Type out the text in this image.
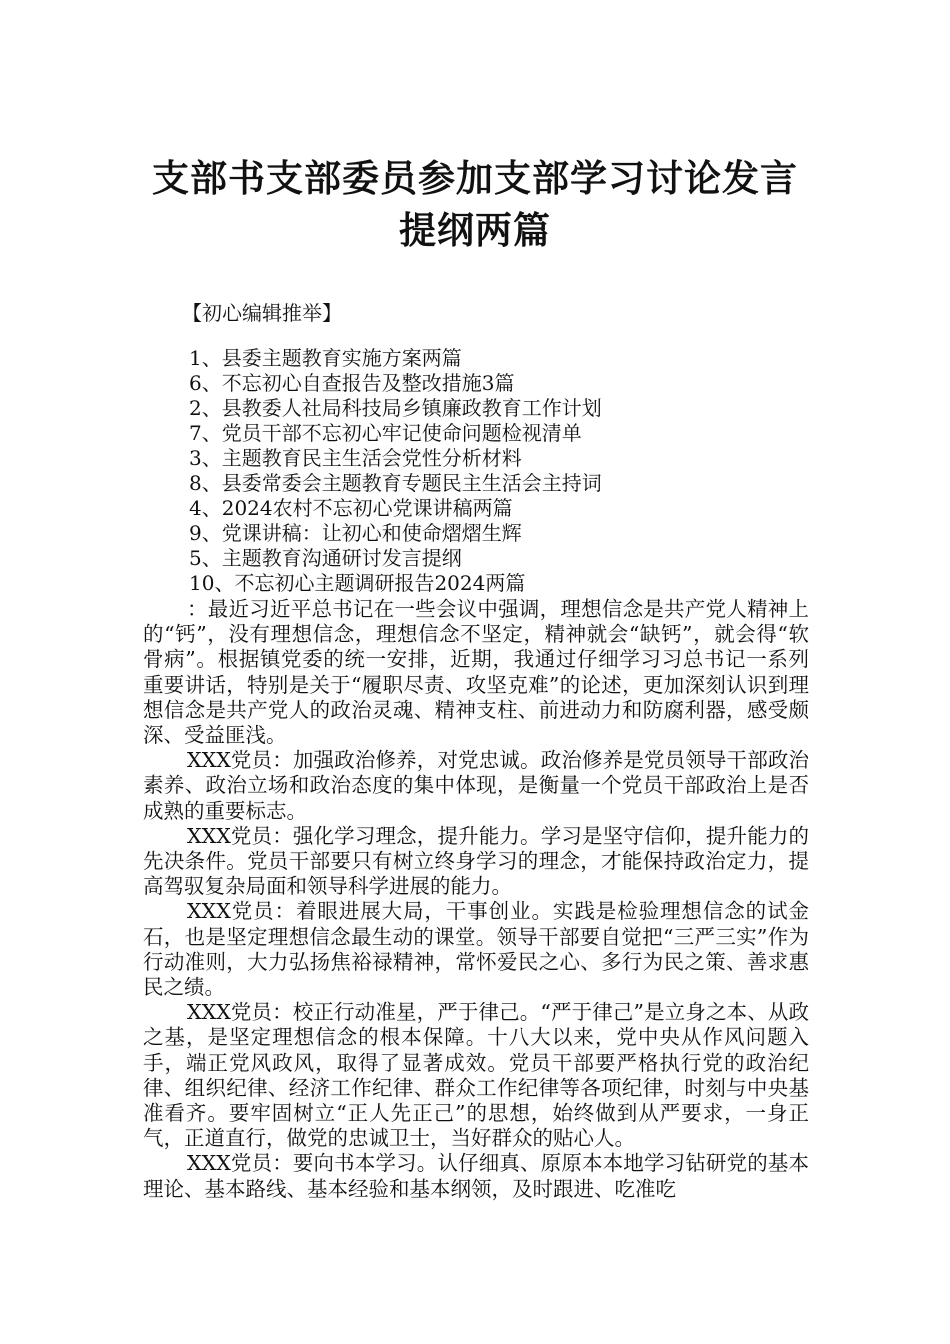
支部书支部委员参加支部学习讨论发言
提纲两篇
【初心编辑推举】
1、县委主题教育实施方案两篇
6、不忘初心自查报告及整改措施3篇
2、县教委人社局科技局乡镇廉政教育工作计划
7、党员干部不忘初心牢记使命问题检视清单
3、主题教育民主生活会党性分析材料
8、县委常委会主题教育专题民主生活会主持词
4、2024农村不忘初心党课讲稿两篇
9、党课讲稿：让初心和使命熠熠生辉
5、主题教育沟通研讨发言提纲
10、不忘初心主题调研报告2024两篇

：最近习近平总书记在一些会议中强调，理想信念是共产党人精神上的“钙”，没有理想信念，理想信念不坚定，精神就会“缺钙”，就会得“软骨病”。根据镇党委的统一安排，近期，我通过仔细学习习总书记一系列重要讲话，特别是关于“履职尽责、攻坚克难”的论述，更加深刻认识到理想信念是共产党人的政治灵魂、精神支柱、前进动力和防腐利器，感受颇深、受益匪浅。

XXX党员：加强政治修养，对党忠诚。政治修养是党员领导干部政治素养、政治立场和政治态度的集中体现，是衡量一个党员干部政治上是否成熟的重要标志。

XXX党员：强化学习理念，提升能力。学习是坚守信仰，提升能力的先决条件。党员干部要只有树立终身学习的理念，才能保持政治定力，提高驾驭复杂局面和领导科学进展的能力。

XXX党员：着眼进展大局，干事创业。实践是检验理想信念的试金石，也是坚定理想信念最生动的课堂。领导干部要自觉把“三严三实”作为行动准则，大力弘扬焦裕禄精神，常怀爱民之心、多行为民之策、善求惠民之绩。

XXX党员：校正行动准星，严于律己。“严于律己”是立身之本、从政之基，是坚定理想信念的根本保障。十八大以来，党中央从作风问题入手，端正党风政风，取得了显著成效。党员干部要严格执行党的政治纪律、组织纪律、经济工作纪律、群众工作纪律等各项纪律，时刻与中央基准看齐。要牢固树立“正人先正己”的思想，始终做到从严要求，一身正气，正道直行，做党的忠诚卫士，当好群众的贴心人。

XXX党员：要向书本学习。认仔细真、原原本本地学习钻研党的基本理论、基本路线、基本经验和基本纲领，及时跟进、吃准吃
